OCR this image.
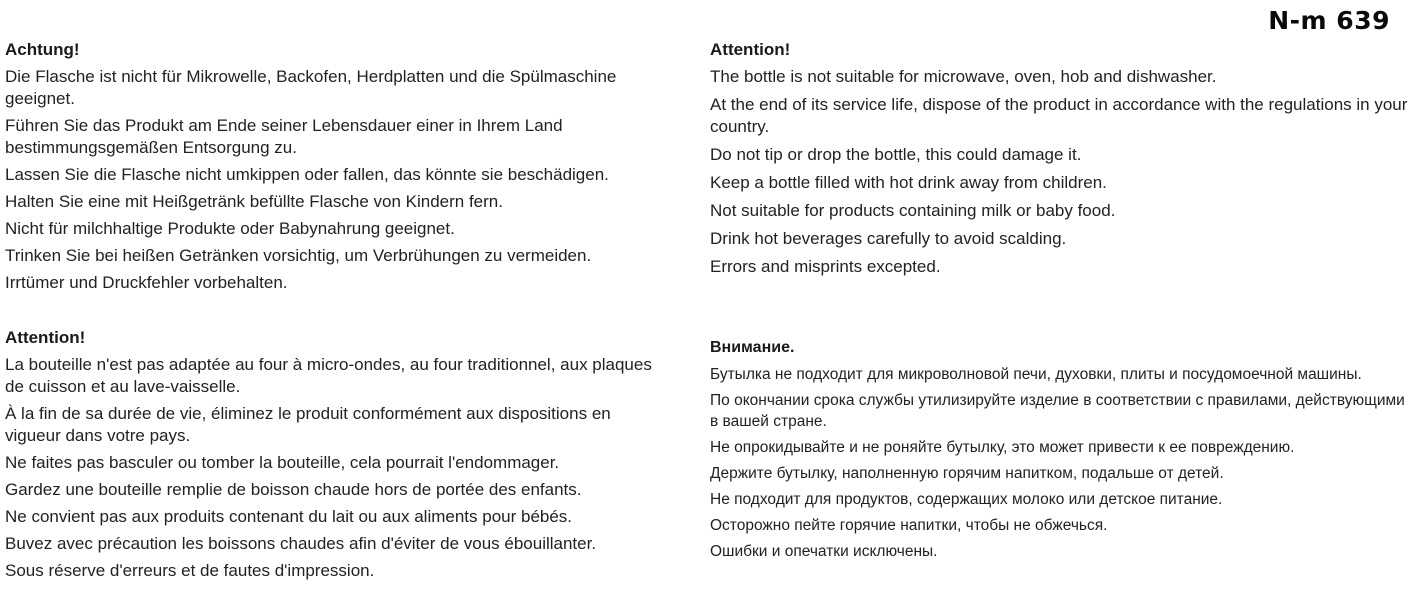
N-m 639
Achtung!

Die Flasche ist nicht für Mikrowelle, Backofen, Herdplatten und die Spülmaschine geeignet.

Führen Sie das Produkt am Ende seiner Lebensdauer einer in Ihrem Land bestimmungsgemäßen Entsorgung zu.

Lassen Sie die Flasche nicht umkippen oder fallen, das könnte sie beschädigen.

Halten Sie eine mit Heißgetränk befüllte Flasche von Kindern fern.

Nicht für milchhaltige Produkte oder Babynahrung geeignet.

Trinken Sie bei heißen Getränken vorsichtig, um Verbrühungen zu vermeiden.

Irrtümer und Druckfehler vorbehalten.

Attention!

The bottle is not suitable for microwave, oven, hob and dishwasher.

At the end of its service life, dispose of the product in accordance with the regulations in your country.

Do not tip or drop the bottle, this could damage it.

Keep a bottle filled with hot drink away from children.

Not suitable for products containing milk or baby food.

Drink hot beverages carefully to avoid scalding.

Errors and misprints excepted.

Attention!

La bouteille n'est pas adaptée au four à micro-ondes, au four traditionnel, aux plaques de cuisson et au lave-vaisselle.

À la fin de sa durée de vie, éliminez le produit conformément aux dispositions en vigueur dans votre pays.

Ne faites pas basculer ou tomber la bouteille, cela pourrait l'endommager.

Gardez une bouteille remplie de boisson chaude hors de portée des enfants.

Ne convient pas aux produits contenant du lait ou aux aliments pour bébés.

Buvez avec précaution les boissons chaudes afin d'éviter de vous ébouillanter.

Sous réserve d'erreurs et de fautes d'impression.

Внимание.

Бутылка не подходит для микроволновой печи, духовки, плиты и посудомоечной машины.

По окончании срока службы утилизируйте изделие в соответствии с правилами, действующими в вашей стране.

Не опрокидывайте и не роняйте бутылку, это может привести к ее повреждению.

Держите бутылку, наполненную горячим напитком, подальше от детей.

Не подходит для продуктов, содержащих молоко или детское питание.

Осторожно пейте горячие напитки, чтобы не обжечься.

Ошибки и опечатки исключены.
